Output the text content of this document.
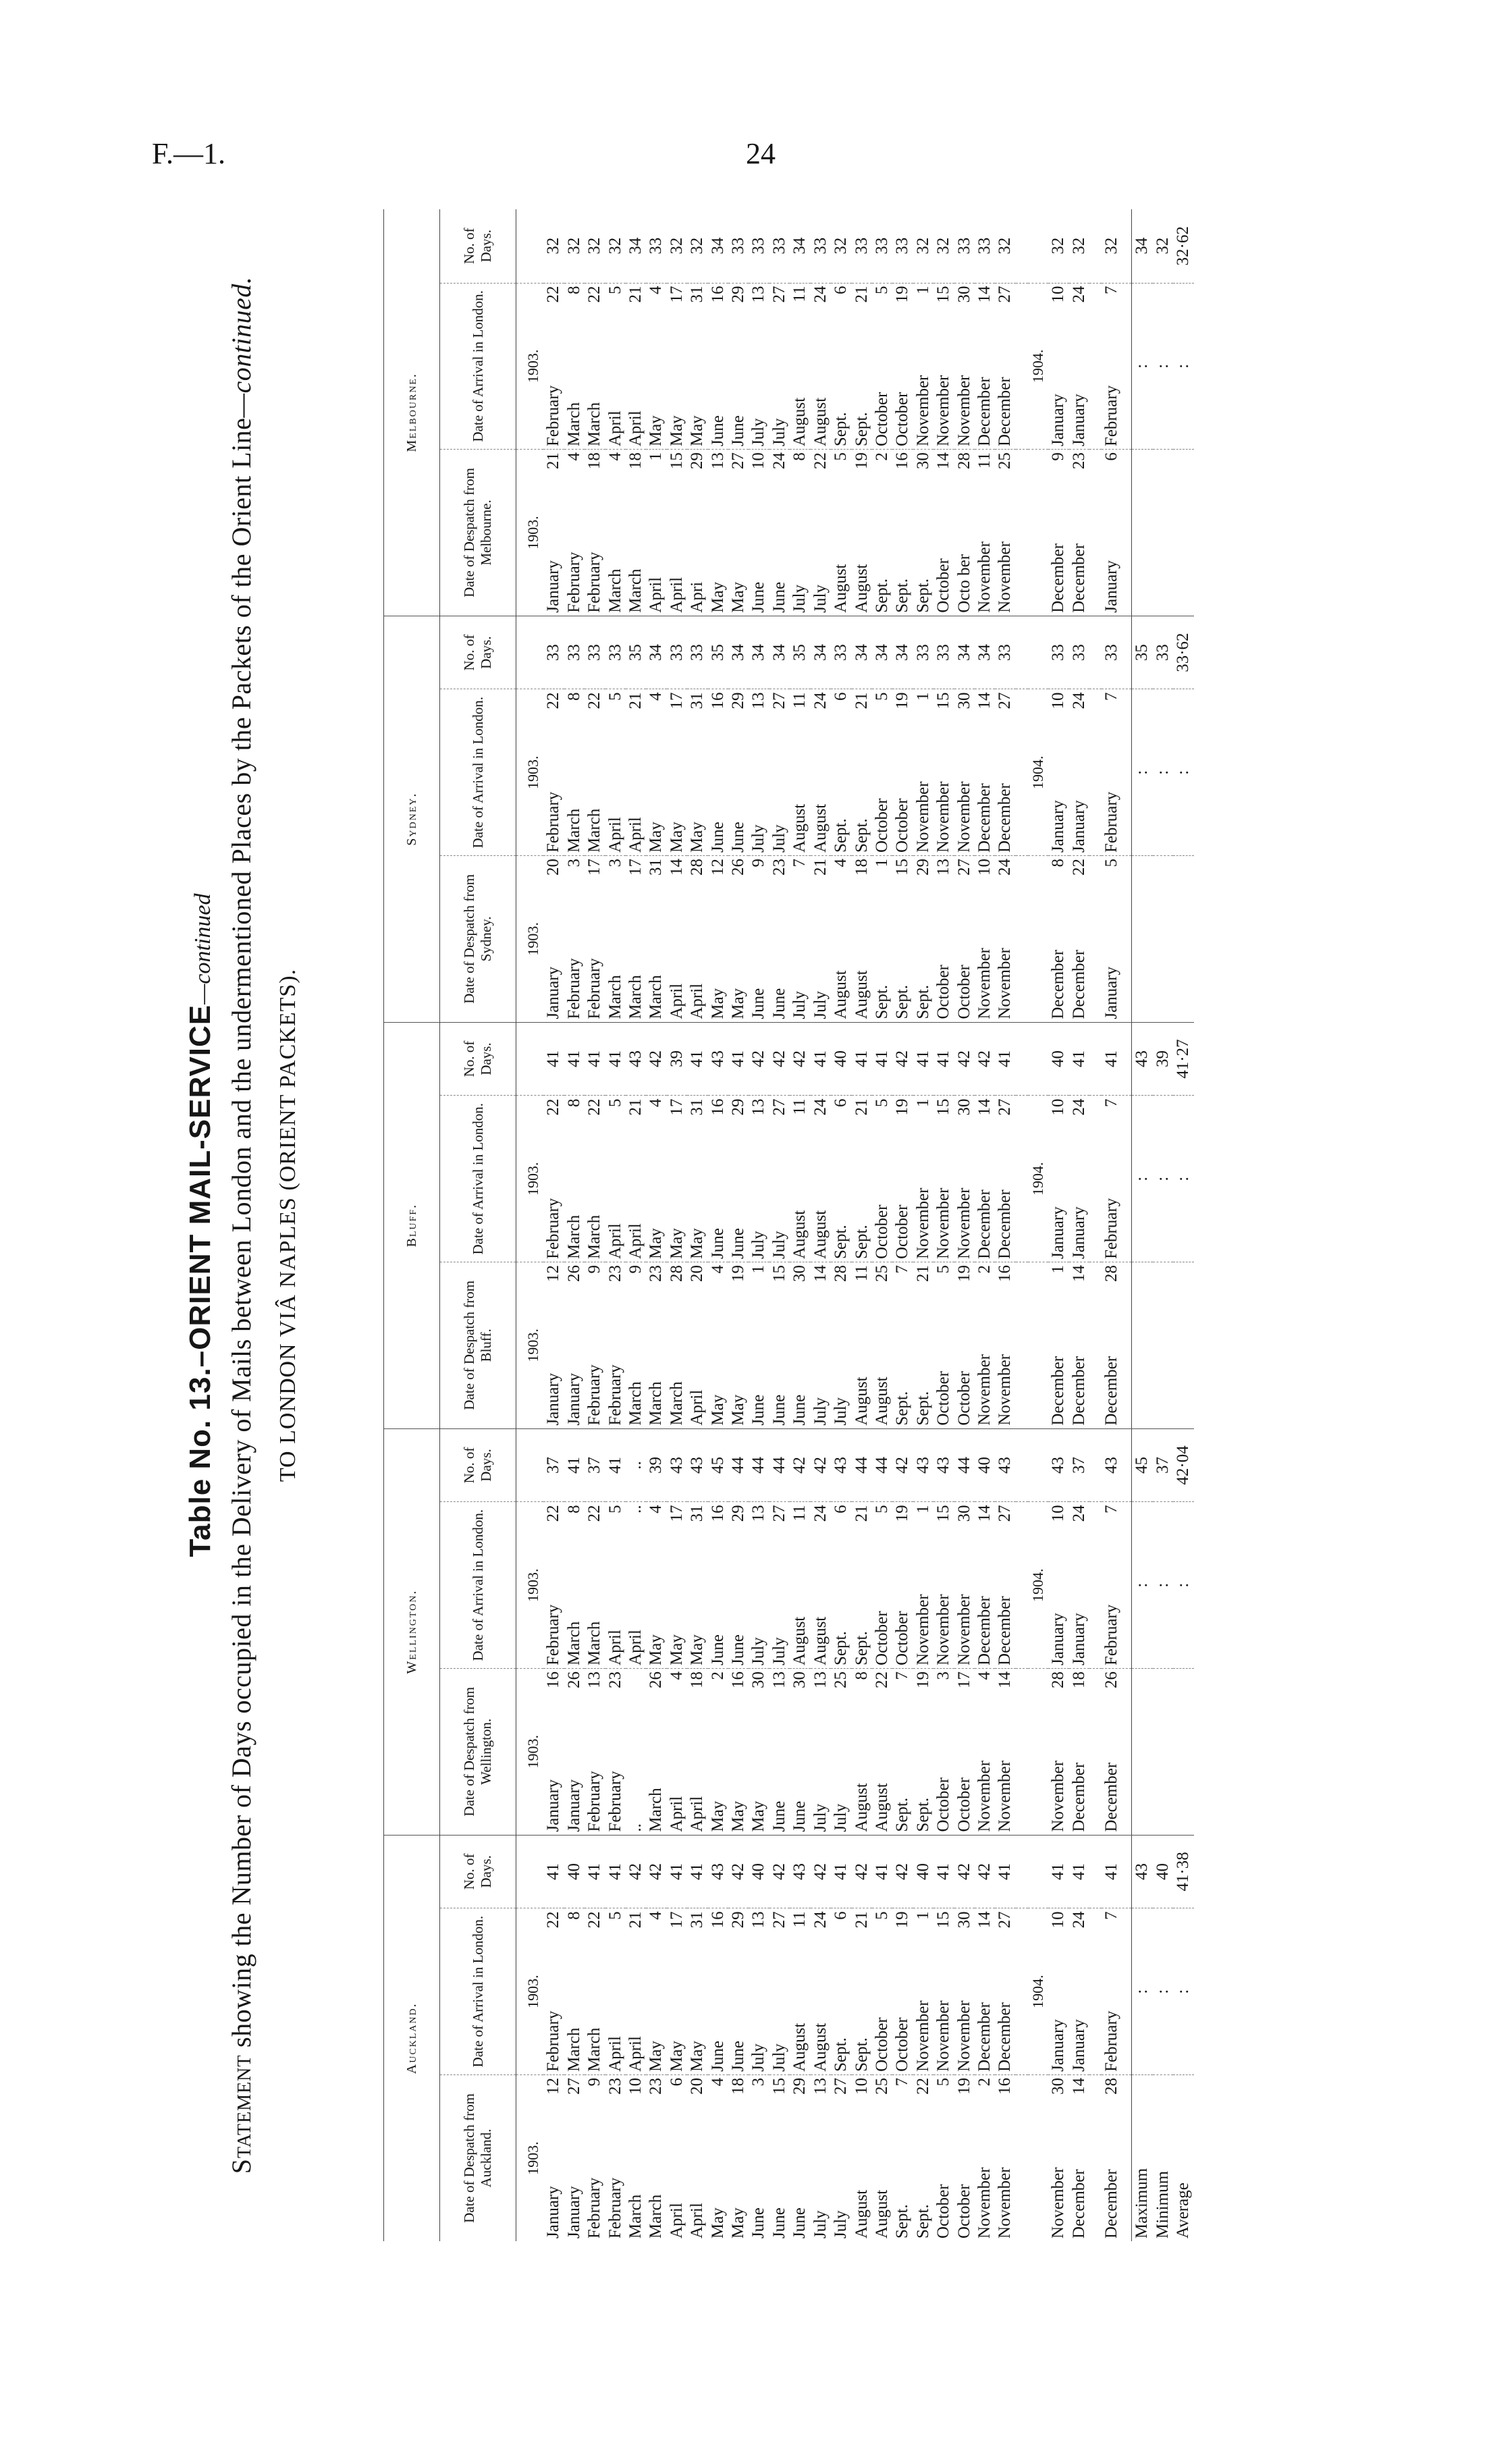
F.—1.	24
Table No. 13.–ORIENT MAIL-SERVICE—continued
Statement showing the Number of Days occupied in the Delivery of Mails between London and the undermentioned Places by the Packets of the Orient Line—continued.
TO LONDON VIÂ NAPLES (ORIENT PACKETS).
Auckland.					Wellington.					Bluff.					Sydney.					Melbourne.				
Date of Despatch from Auckland.		Date of Arrival in London.		No. of Days.	Date of Despatch from Wellington.		Date of Arrival in London.		No. of Days.	Date of Despatch from Bluff.		Date of Arrival in London.		No. of Days.	Date of Despatch from Sydney.		Date of Arrival in London.		No. of Days.	Date of Despatch from Melbourne.		Date of Arrival in London.		No. of Days.
1903.		1903.			1903.		1903.			1903.		1903.			1903.		1903.			1903.		1903.		
January	12	February	22	41	January	16	February	22	37	January	12	February	22	41	January	20	February	22	33	January	21	February	22	32
January	27	March	8	40	January	26	March	8	41	January	26	March	8	41	February	3	March	8	33	February	4	March	8	32
February	9	March	22	41	February	13	March	22	37	February	9	March	22	41	February	17	March	22	33	February	18	March	22	32
February	23	April	5	41	February	23	April	5	41	February	23	April	5	41	March	3	April	5	33	March	4	April	5	32
March	10	April	21	42	..		April	..	..	March	9	April	21	43	March	17	April	21	35	March	18	April	21	34
March	23	May	4	42	March	26	May	4	39	March	23	May	4	42	March	31	May	4	34	April	1	May	4	33
April	6	May	17	41	April	4	May	17	43	March	28	May	17	39	April	14	May	17	33	April	15	May	17	32
April	20	May	31	41	April	18	May	31	43	April	20	May	31	41	April	28	May	31	33	Apri	29	May	31	32
May	4	June	16	43	May	2	June	16	45	May	4	June	16	43	May	12	June	16	35	May	13	June	16	34
May	18	June	29	42	May	16	June	29	44	May	19	June	29	41	May	26	June	29	34	May	27	June	29	33
June	3	July	13	40	May	30	July	13	44	June	1	July	13	42	June	9	July	13	34	June	10	July	13	33
June	15	July	27	42	June	13	July	27	44	June	15	July	27	42	June	23	July	27	34	June	24	July	27	33
June	29	August	11	43	June	30	August	11	42	June	30	August	11	42	July	7	August	11	35	July	8	August	11	34
July	13	August	24	42	July	13	August	24	42	July	14	August	24	41	July	21	August	24	34	July	22	August	24	33
July	27	Sept.	6	41	July	25	Sept.	6	43	July	28	Sept.	6	40	August	4	Sept.	6	33	August	5	Sept.	6	32
August	10	Sept.	21	42	August	8	Sept.	21	44	August	11	Sept.	21	41	August	18	Sept.	21	34	August	19	Sept.	21	33
August	25	October	5	41	August	22	October	5	44	August	25	October	5	41	Sept.	1	October	5	34	Sept.	2	October	5	33
Sept.	7	October	19	42	Sept.	7	October	19	42	Sept.	7	October	19	42	Sept.	15	October	19	34	Sept.	16	October	19	33
Sept.	22	November	1	40	Sept.	19	November	1	43	Sept.	21	November	1	41	Sept.	29	November	1	33	Sept.	30	November	1	32
October	5	November	15	41	October	3	November	15	43	October	5	November	15	41	October	13	November	15	33	October	14	November	15	32
October	19	November	30	42	October	17	November	30	44	October	19	November	30	42	October	27	November	30	34	Octo ber	28	November	30	33
November	2	December	14	42	November	4	December	14	40	November	2	December	14	42	November	10	December	14	34	November	11	December	14	33
November	16	December	27	41	November	14	December	27	43	November	16	December	27	41	November	24	December	27	33	November	25	December	27	32

		1904.					1904.					1904.					1904.					1904.		
November	30	January	10	41	November	28	January	10	43	December	1	January	10	40	December	8	January	10	33	December	9	January	10	32
December	14	January	24	41	December	18	January	24	37	December	14	January	24	41	December	22	January	24	33	December	23	January	24	32

December	28	February	7	41	December	26	February	7	43	December	28	February	7	41	January	5	February	7	33	January	6	February	7	32
Maximum		:		43			:		45			:		43			:		35			:		34
Minimum		:		40			:		37			:		39			:		33			:		32
Average		:		41·38			:		42·04			:		41·27			:		33·62			:		32·62
